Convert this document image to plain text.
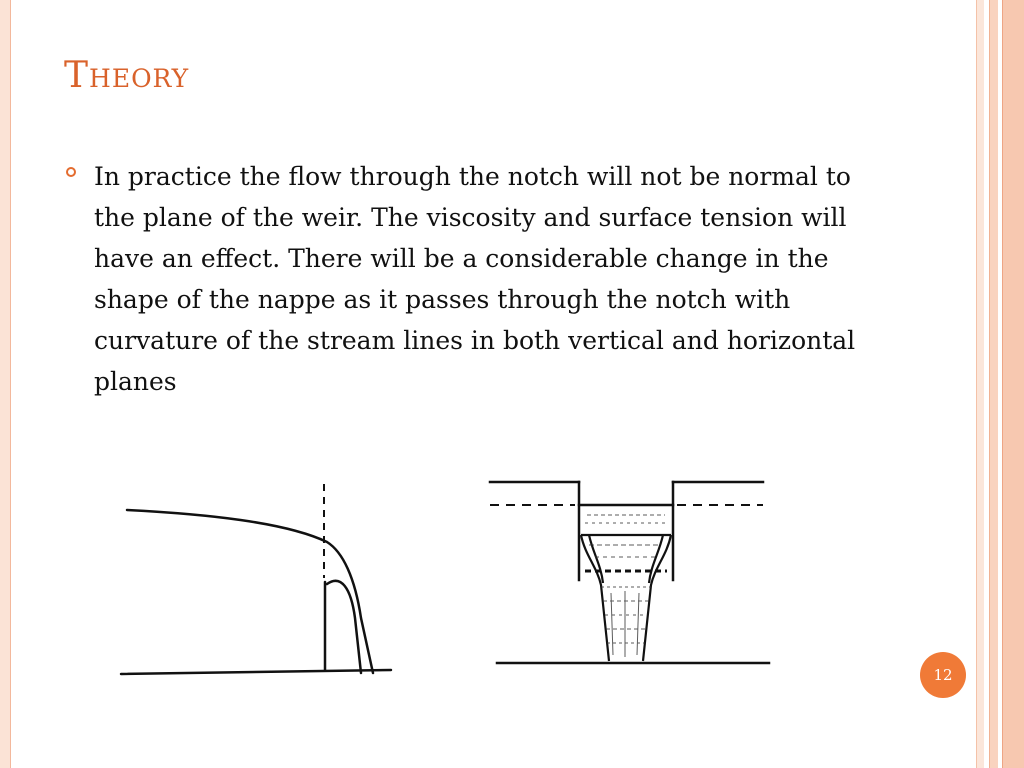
Theory
In practice the flow through the notch will not be normal to the plane of the weir. The viscosity and surface tension will have an effect. There will be a considerable change in the shape of the nappe as it passes through the notch with curvature of the stream lines in both vertical and horizontal planes
12
